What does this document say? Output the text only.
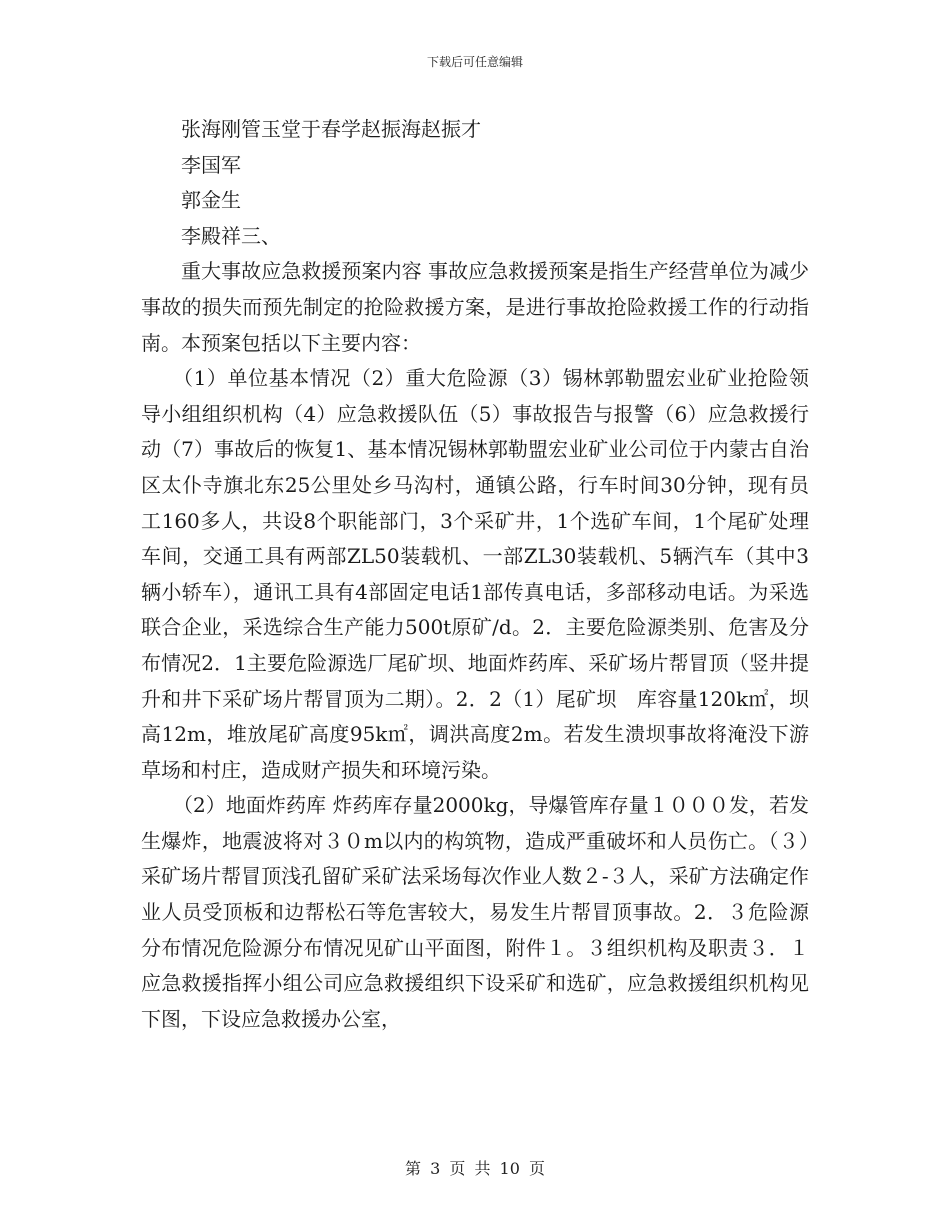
下载后可任意编辑

张海刚管玉堂于春学赵振海赵振才

李国军

郭金生

李殿祥三、

重大事故应急救援预案内容 事故应急救援预案是指生产经营单位为减少事故的损失而预先制定的抢险救援方案，是进行事故抢险救援工作的行动指南。本预案包括以下主要内容：

（1）单位基本情况（2）重大危险源（3）锡林郭勒盟宏业矿业抢险领导小组组织机构（4）应急救援队伍（5）事故报告与报警（6）应急救援行动（7）事故后的恢复1、基本情况锡林郭勒盟宏业矿业公司位于内蒙古自治区太仆寺旗北东25公里处乡马沟村，通镇公路，行车时间30分钟，现有员工160多人，共设8个职能部门，3个采矿井，1个选矿车间，1个尾矿处理车间，交通工具有两部ZL50装载机、一部ZL30装载机、5辆汽车（其中3辆小轿车），通讯工具有4部固定电话1部传真电话，多部移动电话。为采选联合企业，采选综合生产能力500t原矿/d。2．主要危险源类别、危害及分布情况2．1主要危险源选厂尾矿坝、地面炸药库、采矿场片帮冒顶（竖井提升和井下采矿场片帮冒顶为二期）。2．2（1）尾矿坝　库容量120k㎡，坝高12m，堆放尾矿高度95k㎡，调洪高度2m。若发生溃坝事故将淹没下游草场和村庄，造成财产损失和环境污染。

（2）地面炸药库 炸药库存量2000kg，导爆管库存量１０００发，若发生爆炸，地震波将对３０m以内的构筑物，造成严重破坏和人员伤亡。（３）采矿场片帮冒顶浅孔留矿采矿法采场每次作业人数２-３人，采矿方法确定作业人员受顶板和边帮松石等危害较大，易发生片帮冒顶事故。2．３危险源分布情况危险源分布情况见矿山平面图，附件１。３组织机构及职责３．１应急救援指挥小组公司应急救援组织下设采矿和选矿，应急救援组织机构见下图，下设应急救援办公室，

第 3 页 共 10 页
